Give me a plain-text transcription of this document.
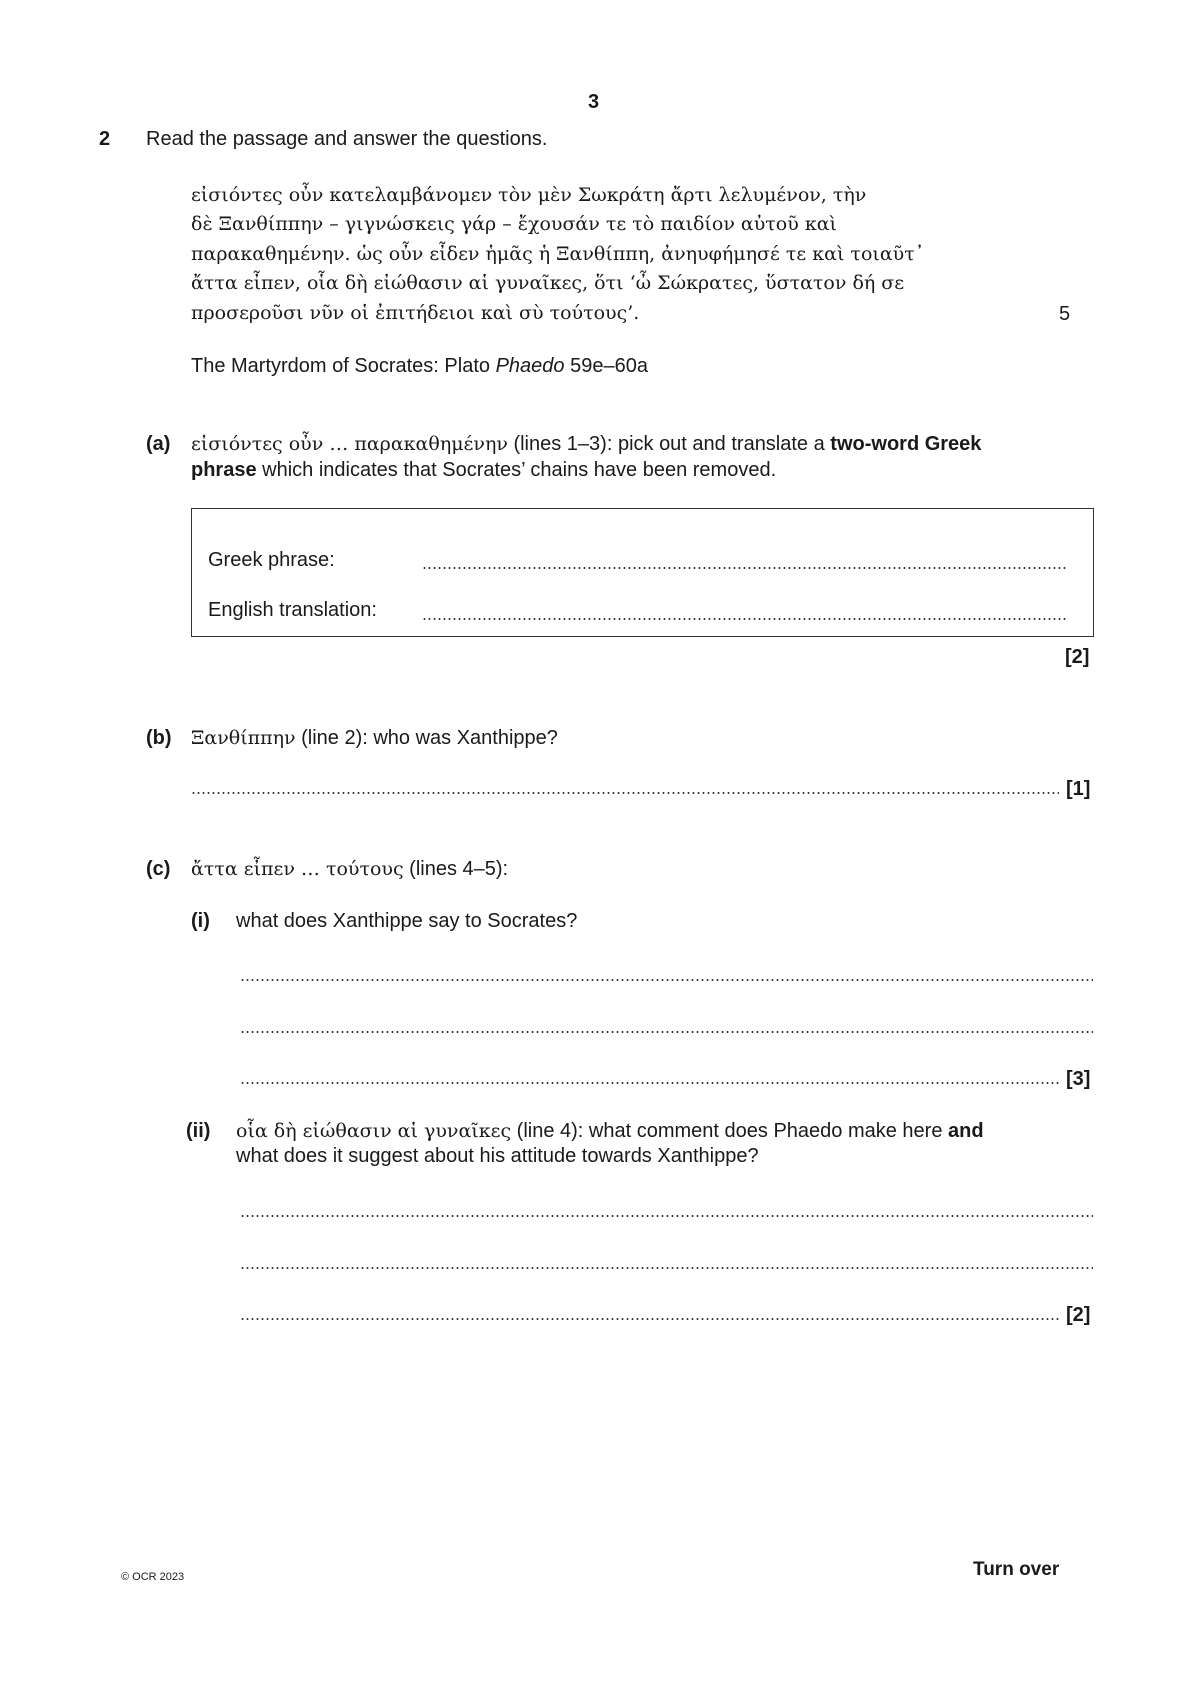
3
2 Read the passage and answer the questions.
εἰσιόντες οὖν κατελαμβάνομεν τὸν μὲν Σωκράτη ἄρτι λελυμένον, τὴν
δὲ Ξανθίππην – γιγνώσκεις γάρ – ἔχουσάν τε τὸ παιδίον αὐτοῦ καὶ
παρακαθημένην. ὡς οὖν εἶδεν ἡμᾶς ἡ Ξανθίππη, ἀνηυφήμησέ τε καὶ τοιαῦτ᾽
ἄττα εἶπεν, οἷα δὴ εἰώθασιν αἱ γυναῖκες, ὅτι ‘ὦ Σώκρατες, ὕστατον δή σε
προσεροῦσι νῦν οἱ ἐπιτήδειοι καὶ σὺ τούτους’.	5
The Martyrdom of Socrates: Plato Phaedo 59e–60a
(a) εἰσιόντες οὖν … παρακαθημένην (lines 1–3): pick out and translate a two-word Greek
phrase which indicates that Socrates’ chains have been removed.
Greek phrase:
English translation:
[2]
(b) Ξανθίππην (line 2): who was Xanthippe?
[1]
(c) ἄττα εἶπεν … τούτους (lines 4–5):
(i) what does Xanthippe say to Socrates?
[3]
(ii) οἷα δὴ εἰώθασιν αἱ γυναῖκες (line 4): what comment does Phaedo make here and
what does it suggest about his attitude towards Xanthippe?
[2]
© OCR 2023	Turn over
